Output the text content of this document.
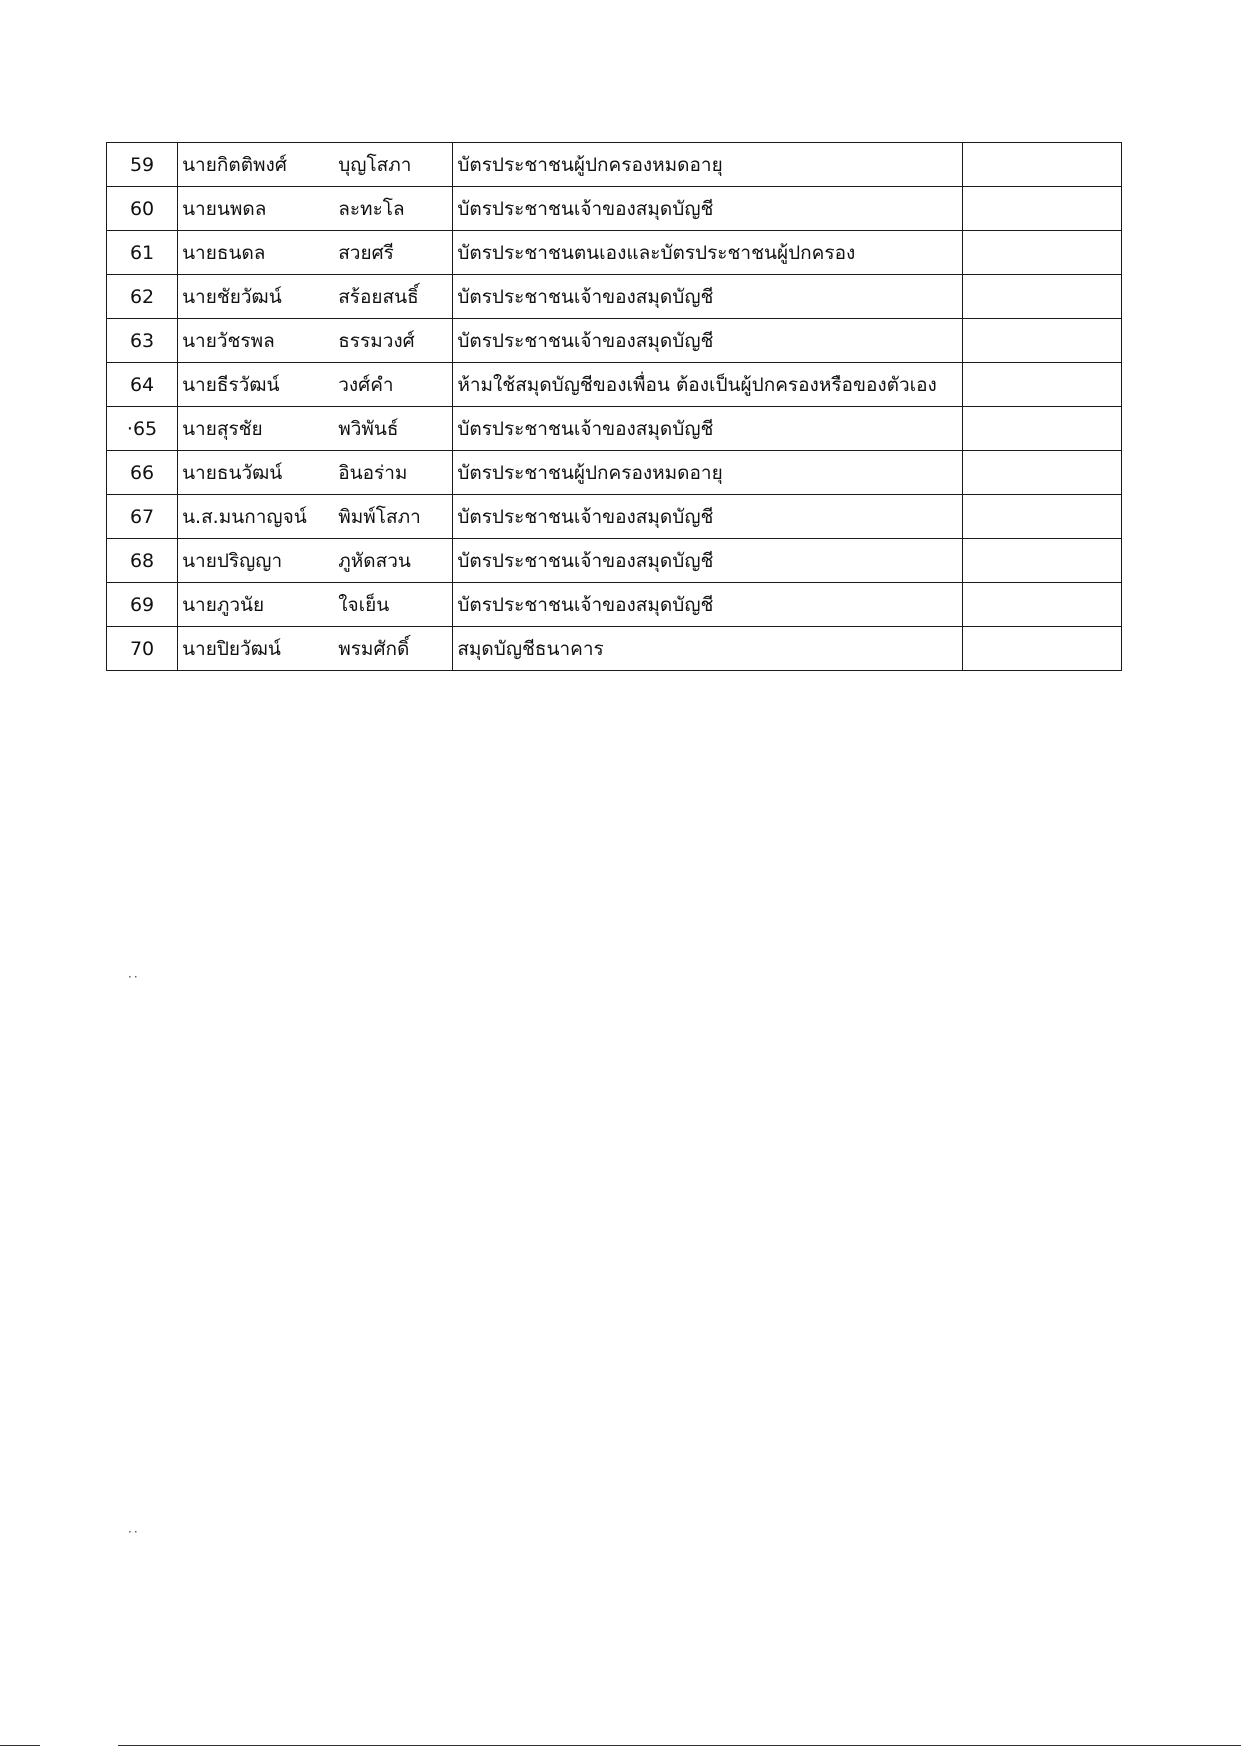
59	นายกิตติพงศ์	บุญโสภา	บัตรประชาชนผู้ปกครองหมดอายุ	
60	นายนพดล	ละทะโล	บัตรประชาชนเจ้าของสมุดบัญชี	
61	นายธนดล	สวยศรี	บัตรประชาชนตนเองและบัตรประชาชนผู้ปกครอง	
62	นายชัยวัฒน์	สร้อยสนธิ์	บัตรประชาชนเจ้าของสมุดบัญชี	
63	นายวัชรพล	ธรรมวงศ์	บัตรประชาชนเจ้าของสมุดบัญชี	
64	นายธีรวัฒน์	วงศ์คำ	ห้ามใช้สมุดบัญชีของเพื่อน ต้องเป็นผู้ปกครองหรือของตัวเอง	
·65	นายสุรชัย	พวิพันธ์	บัตรประชาชนเจ้าของสมุดบัญชี	
66	นายธนวัฒน์	อินอร่าม	บัตรประชาชนผู้ปกครองหมดอายุ	
67	น.ส.มนกาญจน์	พิมพ์โสภา	บัตรประชาชนเจ้าของสมุดบัญชี	
68	นายปริญญา	ภูหัดสวน	บัตรประชาชนเจ้าของสมุดบัญชี	
69	นายภูวนัย	ใจเย็น	บัตรประชาชนเจ้าของสมุดบัญชี	
70	นายปิยวัฒน์	พรมศักดิ์	สมุดบัญชีธนาคาร	
··
··
